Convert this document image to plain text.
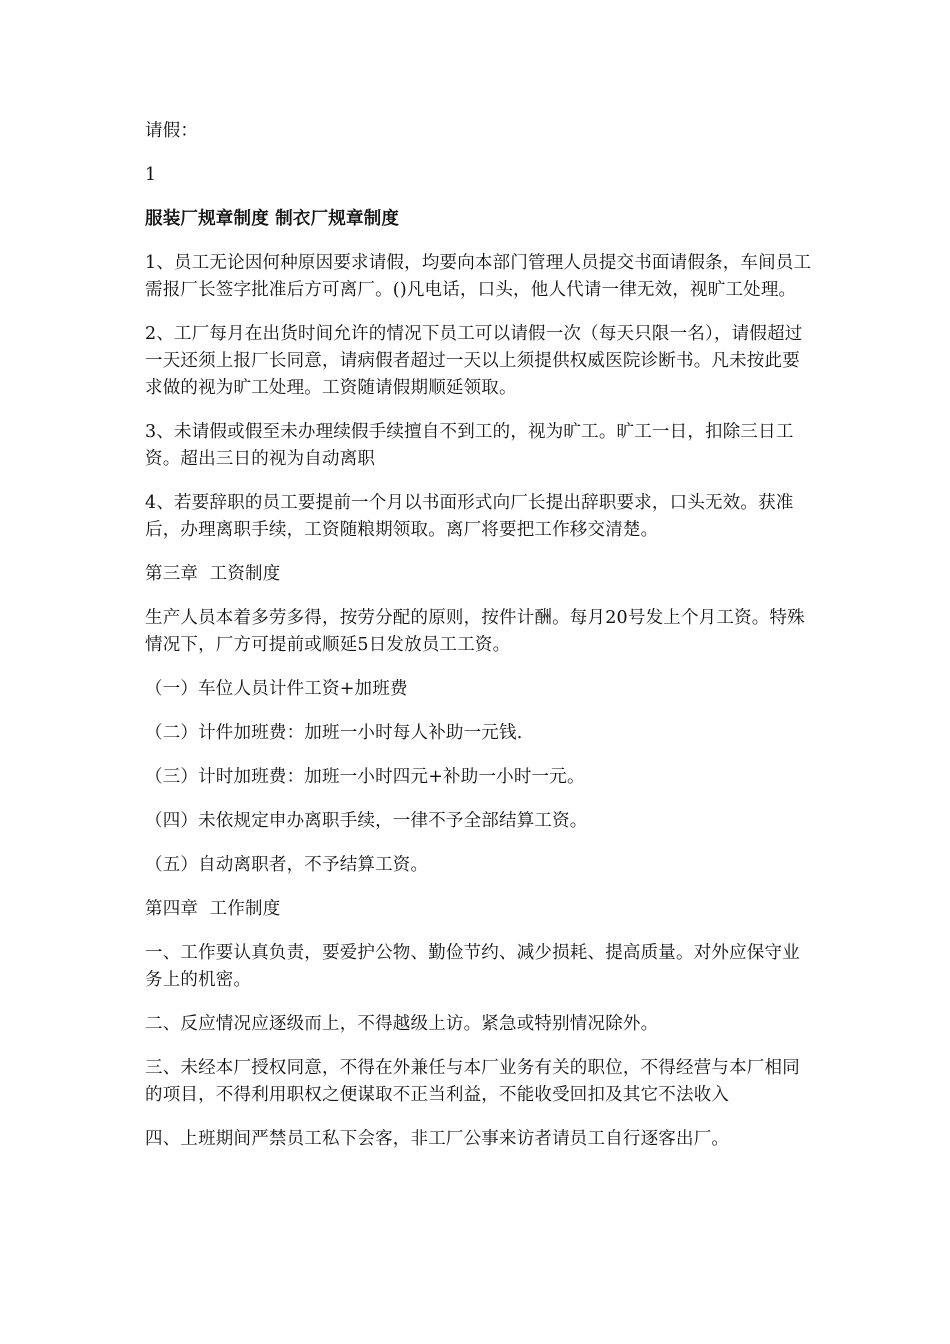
请假：

1

服装厂规章制度 制衣厂规章制度

1、员工无论因何种原因要求请假，均要向本部门管理人员提交书面请假条，车间员工需报厂长签字批准后方可离厂。()凡电话，口头，他人代请一律无效，视旷工处理。

2、工厂每月在出货时间允许的情况下员工可以请假一次（每天只限一名），请假超过一天还须上报厂长同意，请病假者超过一天以上须提供权威医院诊断书。凡未按此要求做的视为旷工处理。工资随请假期顺延领取。

3、未请假或假至未办理续假手续擅自不到工的，视为旷工。旷工一日，扣除三日工资。超出三日的视为自动离职

4、若要辞职的员工要提前一个月以书面形式向厂长提出辞职要求，口头无效。获准后，办理离职手续，工资随粮期领取。离厂将要把工作移交清楚。

第三章  工资制度

生产人员本着多劳多得，按劳分配的原则，按件计酬。每月20号发上个月工资。特殊情况下，厂方可提前或顺延5日发放员工工资。

（一）车位人员计件工资+加班费

（二）计件加班费：加班一小时每人补助一元钱.

（三）计时加班费：加班一小时四元+补助一小时一元。

（四）未依规定申办离职手续，一律不予全部结算工资。

（五）自动离职者，不予结算工资。

第四章  工作制度

一、工作要认真负责，要爱护公物、勤俭节约、减少损耗、提高质量。对外应保守业务上的机密。

二、反应情况应逐级而上，不得越级上访。紧急或特别情况除外。

三、未经本厂授权同意，不得在外兼任与本厂业务有关的职位，不得经营与本厂相同的项目，不得利用职权之便谋取不正当利益，不能收受回扣及其它不法收入

四、上班期间严禁员工私下会客，非工厂公事来访者请员工自行逐客出厂。
